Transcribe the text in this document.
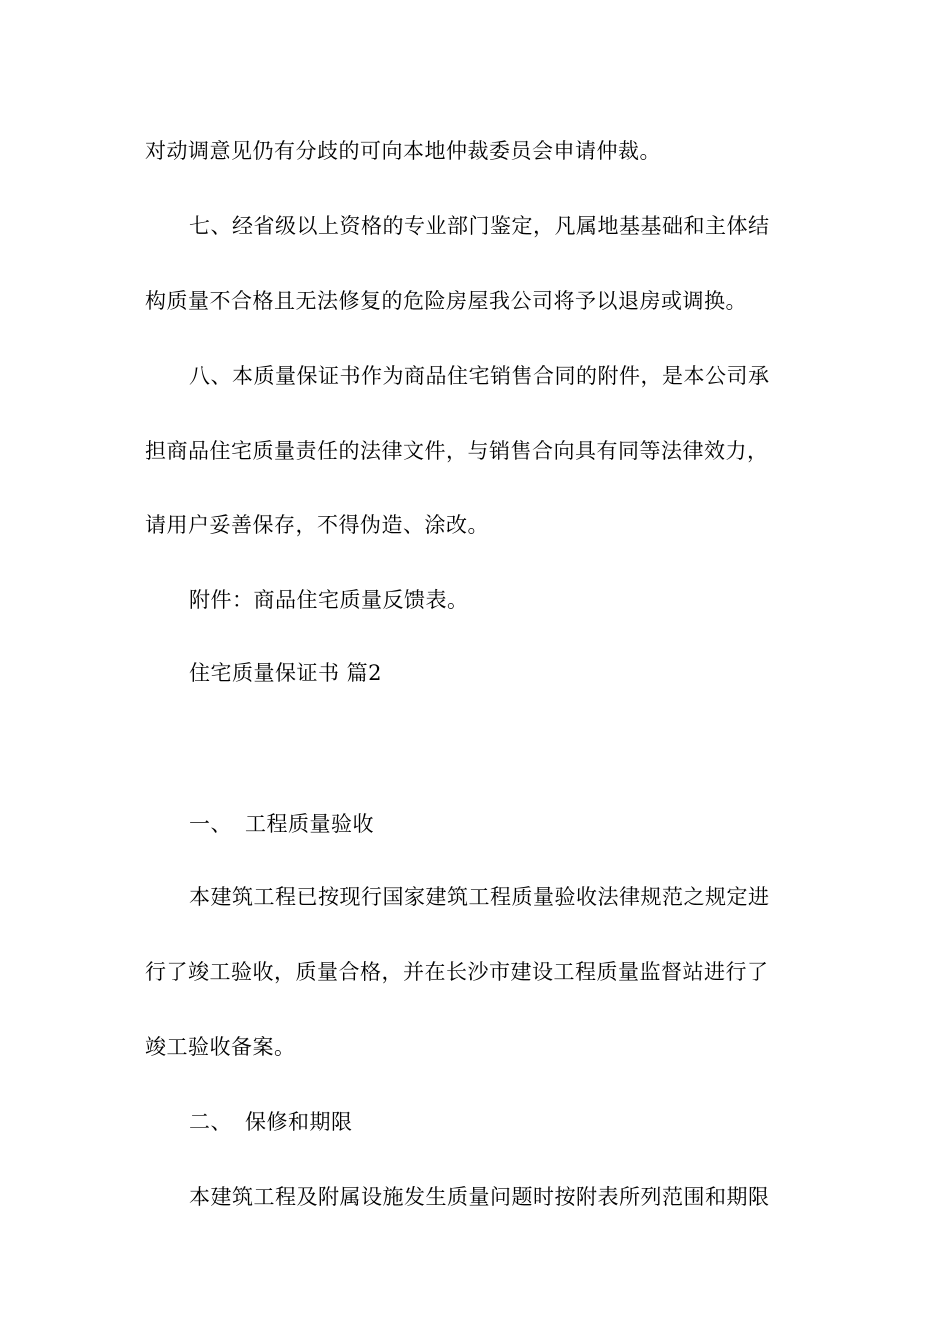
对动调意见仍有分歧的可向本地仲裁委员会申请仲裁。
七、经省级以上资格的专业部门鉴定，凡属地基基础和主体结
构质量不合格且无法修复的危险房屋我公司将予以退房或调换。
八、本质量保证书作为商品住宅销售合同的附件，是本公司承
担商品住宅质量责任的法律文件，与销售合向具有同等法律效力，
请用户妥善保存，不得伪造、涂改。
附件：商品住宅质量反馈表。
住宅质量保证书 篇2
一、 工程质量验收
本建筑工程已按现行国家建筑工程质量验收法律规范之规定进
行了竣工验收，质量合格，并在长沙市建设工程质量监督站进行了
竣工验收备案。
二、 保修和期限
本建筑工程及附属设施发生质量问题时按附表所列范围和期限
